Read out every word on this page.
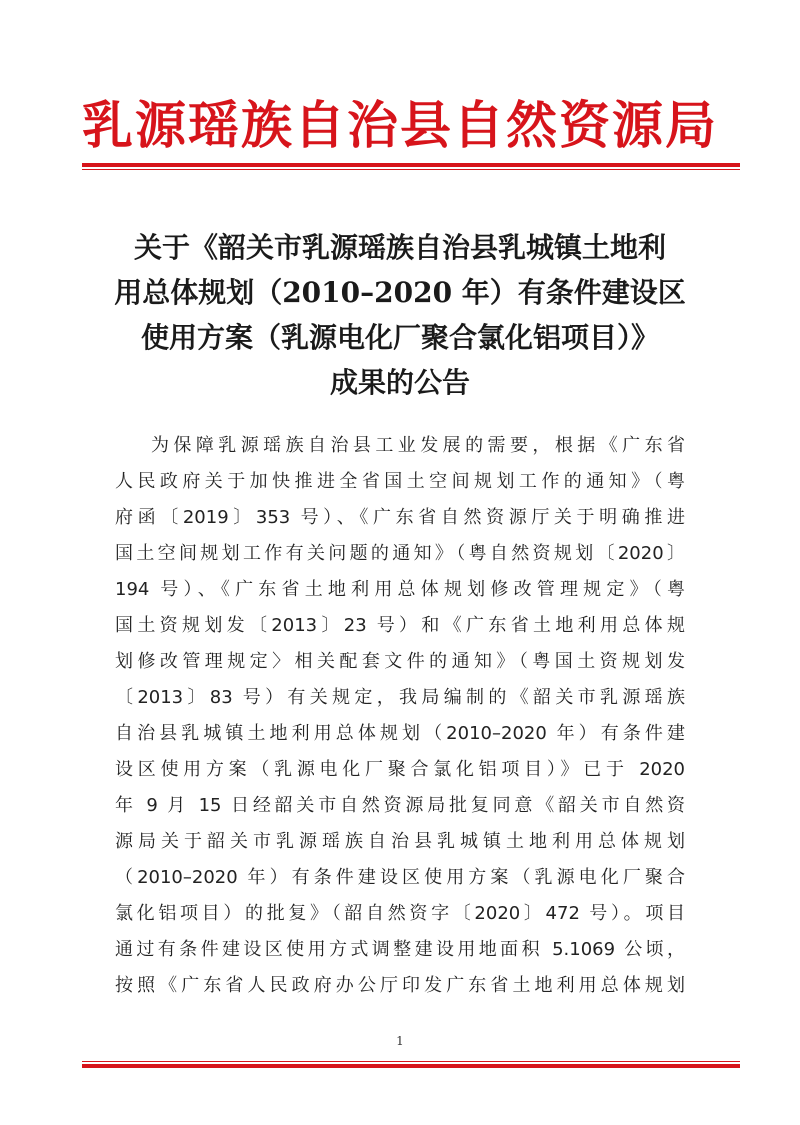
乳源瑶族自治县自然资源局
关于《韶关市乳源瑶族自治县乳城镇土地利
用总体规划（2010–2020 年）有条件建设区
使用方案（乳源电化厂聚合氯化铝项目）》
成果的公告
为保障乳源瑶族自治县工业发展的需要，根据《广东省
人民政府关于加快推进全省国土空间规划工作的通知》（粤
府函〔2019〕353 号）、《广东省自然资源厅关于明确推进
国土空间规划工作有关问题的通知》（粤自然资规划〔2020〕
194 号）、《广东省土地利用总体规划修改管理规定》（粤
国土资规划发〔2013〕23 号）和《广东省土地利用总体规
划修改管理规定〉相关配套文件的通知》（粤国土资规划发
〔2013〕83 号）有关规定，我局编制的《韶关市乳源瑶族
自治县乳城镇土地利用总体规划（2010–2020 年）有条件建
设区使用方案（乳源电化厂聚合氯化铝项目）》已于 2020
年 9 月 15 日经韶关市自然资源局批复同意《韶关市自然资
源局关于韶关市乳源瑶族自治县乳城镇土地利用总体规划
（2010–2020 年）有条件建设区使用方案（乳源电化厂聚合
氯化铝项目）的批复》（韶自然资字〔2020〕472 号）。项目
通过有条件建设区使用方式调整建设用地面积 5.1069 公顷，
按照《广东省人民政府办公厅印发广东省土地利用总体规划
1
